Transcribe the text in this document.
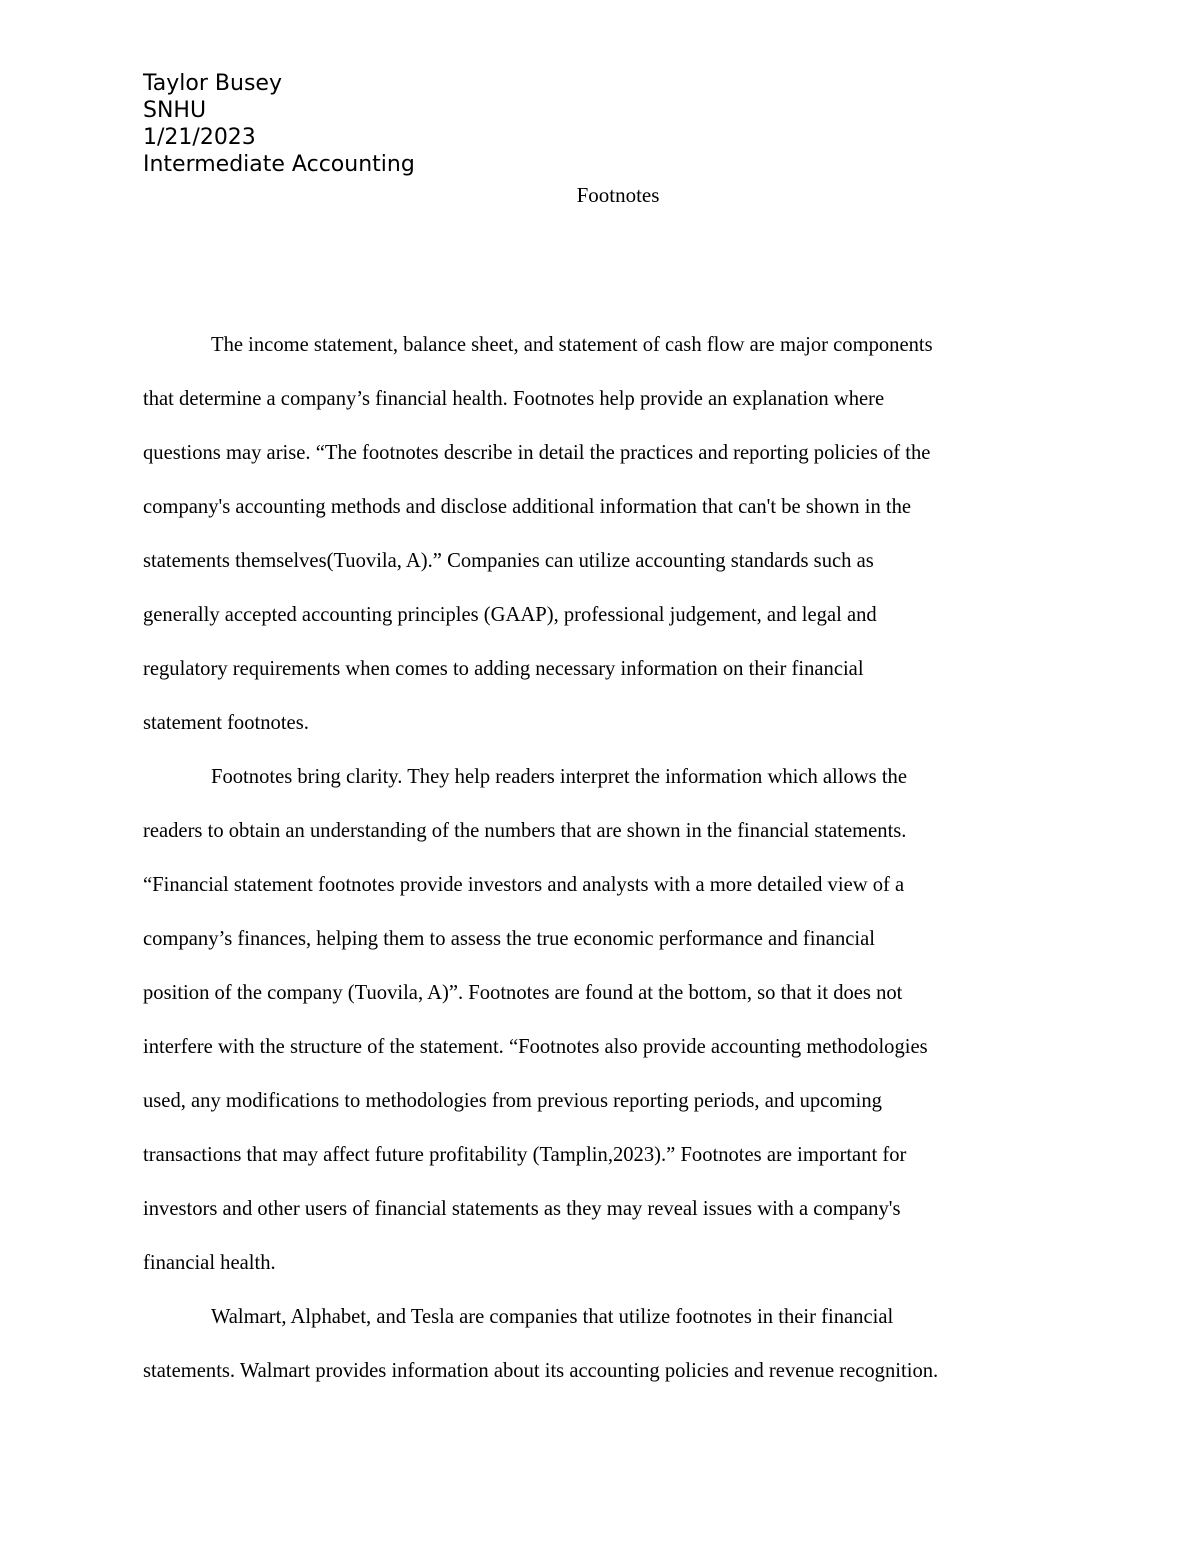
Taylor Busey
SNHU
1/21/2023
Intermediate Accounting
Footnotes
The income statement, balance sheet, and statement of cash flow are major components
that determine a company’s financial health. Footnotes help provide an explanation where
questions may arise. “The footnotes describe in detail the practices and reporting policies of the
company's accounting methods and disclose additional information that can't be shown in the
statements themselves(Tuovila, A).” Companies can utilize accounting standards such as
generally accepted accounting principles (GAAP), professional judgement, and legal and
regulatory requirements when comes to adding necessary information on their financial
statement footnotes.
Footnotes bring clarity. They help readers interpret the information which allows the
readers to obtain an understanding of the numbers that are shown in the financial statements.
“Financial statement footnotes provide investors and analysts with a more detailed view of a
company’s finances, helping them to assess the true economic performance and financial
position of the company (Tuovila, A)”. Footnotes are found at the bottom, so that it does not
interfere with the structure of the statement. “Footnotes also provide accounting methodologies
used, any modifications to methodologies from previous reporting periods, and upcoming
transactions that may affect future profitability (Tamplin,2023).” Footnotes are important for
investors and other users of financial statements as they may reveal issues with a company's
financial health.
Walmart, Alphabet, and Tesla are companies that utilize footnotes in their financial
statements. Walmart provides information about its accounting policies and revenue recognition.
